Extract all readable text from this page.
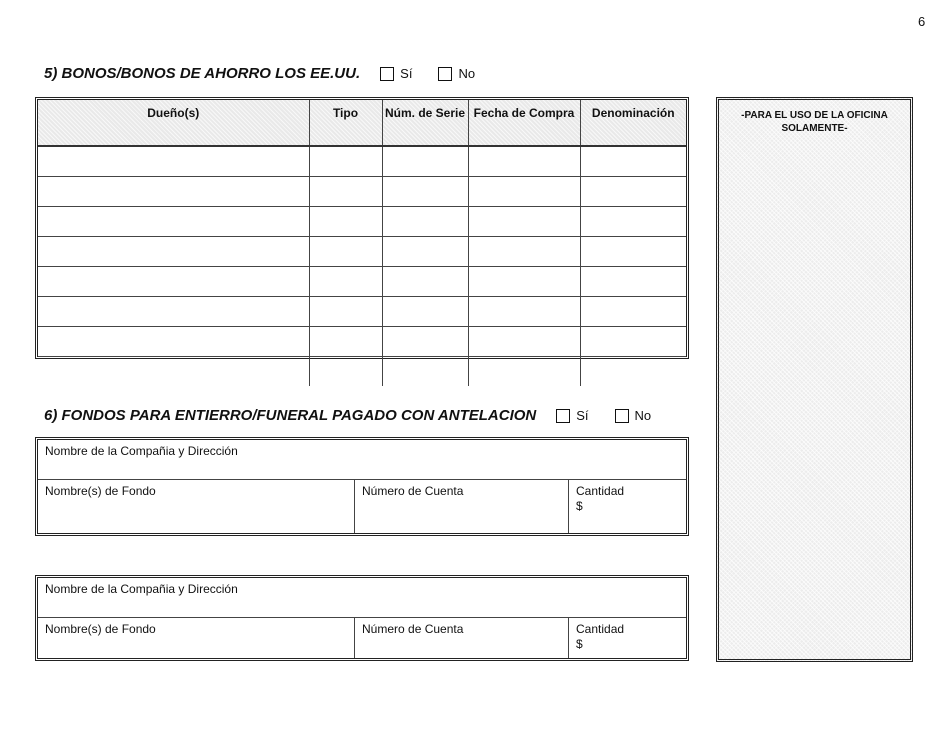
6
5) BONOS/BONOS DE AHORRO LOS EE.UU.	Sí	No
Dueño(s)	Tipo	Núm. de Serie	Fecha de Compra	Denominación

					-PARA EL USO DE LA OFICINA SOLAMENTE-
6) FONDOS PARA ENTIERRO/FUNERAL PAGADO CON ANTELACION	Sí	No
Nombre de la Compañia y Dirección
Nombre(s) de Fondo	Número de Cuenta	Cantidad
$
Nombre de la Compañia y Dirección
Nombre(s) de Fondo	Número de Cuenta	Cantidad
$
